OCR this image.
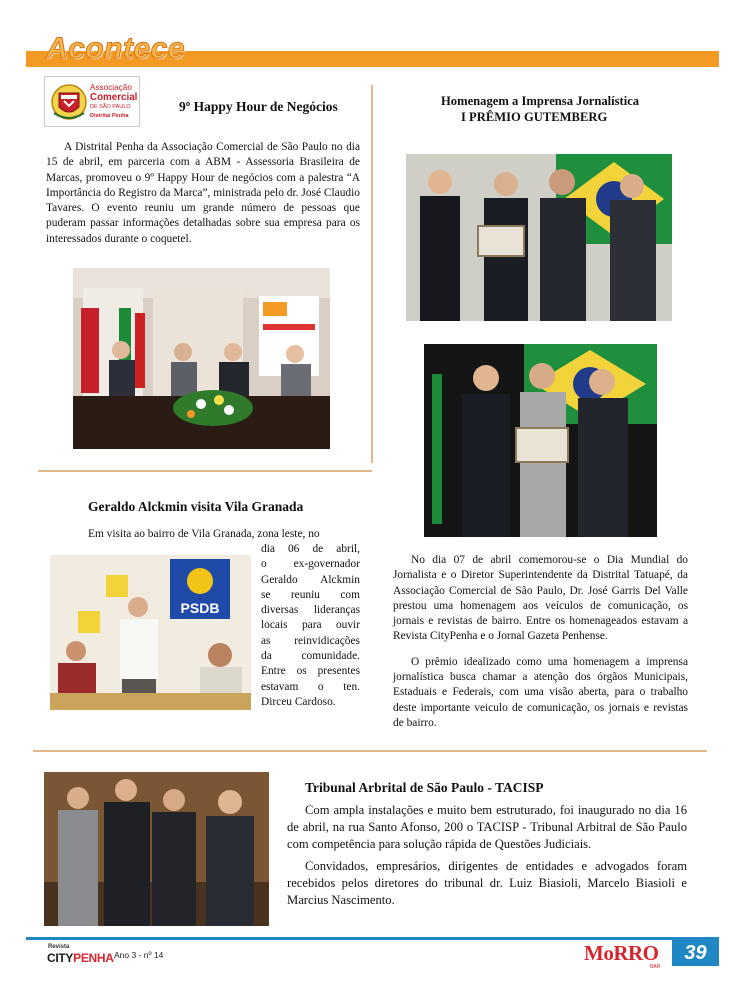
Acontece
Associação
Comercial
DE SÃO PAULO
Distrital Penha
9º Happy Hour de Negócios

A Distrital Penha da Associação Comercial de São Paulo no dia 15 de abril, em parceria com a ABM - Assessoria Brasileira de Marcas, promoveu o 9º Happy Hour de negócios com a palestra “A Importância do Registro da Marca”, ministrada pelo dr. José Claudio Tavares. O evento reuniu um grande número de pessoas que puderam passar informações detalhadas sobre sua empresa para os interessados durante o coquetel.

Homenagem a Imprensa Jornalística
I PRÊMIO GUTEMBERG

No dia 07 de abril comemorou-se o Dia Mundial do Jornalista e o Diretor Superintendente da Distrital Tatuapé, da Associação Comercial de São Paulo, Dr. José Garris Del Valle prestou uma homenagem aos veículos de comunicação, os jornais e revistas de bairro. Entre os homenageados estavam a Revista CityPenha e o Jornal Gazeta Penhense.

O prêmio idealizado como uma homenagem a imprensa jornalística busca chamar a atenção dos órgãos Municipais, Estaduais e Federais, com uma visão aberta, para o trabalho deste importante veiculo de comunicação, os jornais e revistas de bairro.

Geraldo Alckmin visita Vila Granada
Em visita ao bairro de Vila Granada, zona leste, no
dia 06 de abril,
o ex-governador
Geraldo Alckmin
se reuniu com
diversas lideranças
locais para ouvir
as reinvidicações
da comunidade.
Entre os presentes
estavam o ten.
Dirceu Cardoso.
PSDB
Tribunal Arbrital de São Paulo - TACISP

Com ampla instalações e muito bem estruturado, foi inaugurado no dia 16 de abril, na rua Santo Afonso, 200 o TACISP - Tribunal Arbitral de São Paulo com competência para solução rápida de Questões Judiciais.

Convidados, empresários, dirigentes de entidades e advogados foram recebidos pelos diretores do tribunal dr. Luiz Biasioli, Marcelo Biasioli e Marcius Nascimento.

Revista
CITYPENHA Ano 3 - nº 14	MoRRO
BAR
39
